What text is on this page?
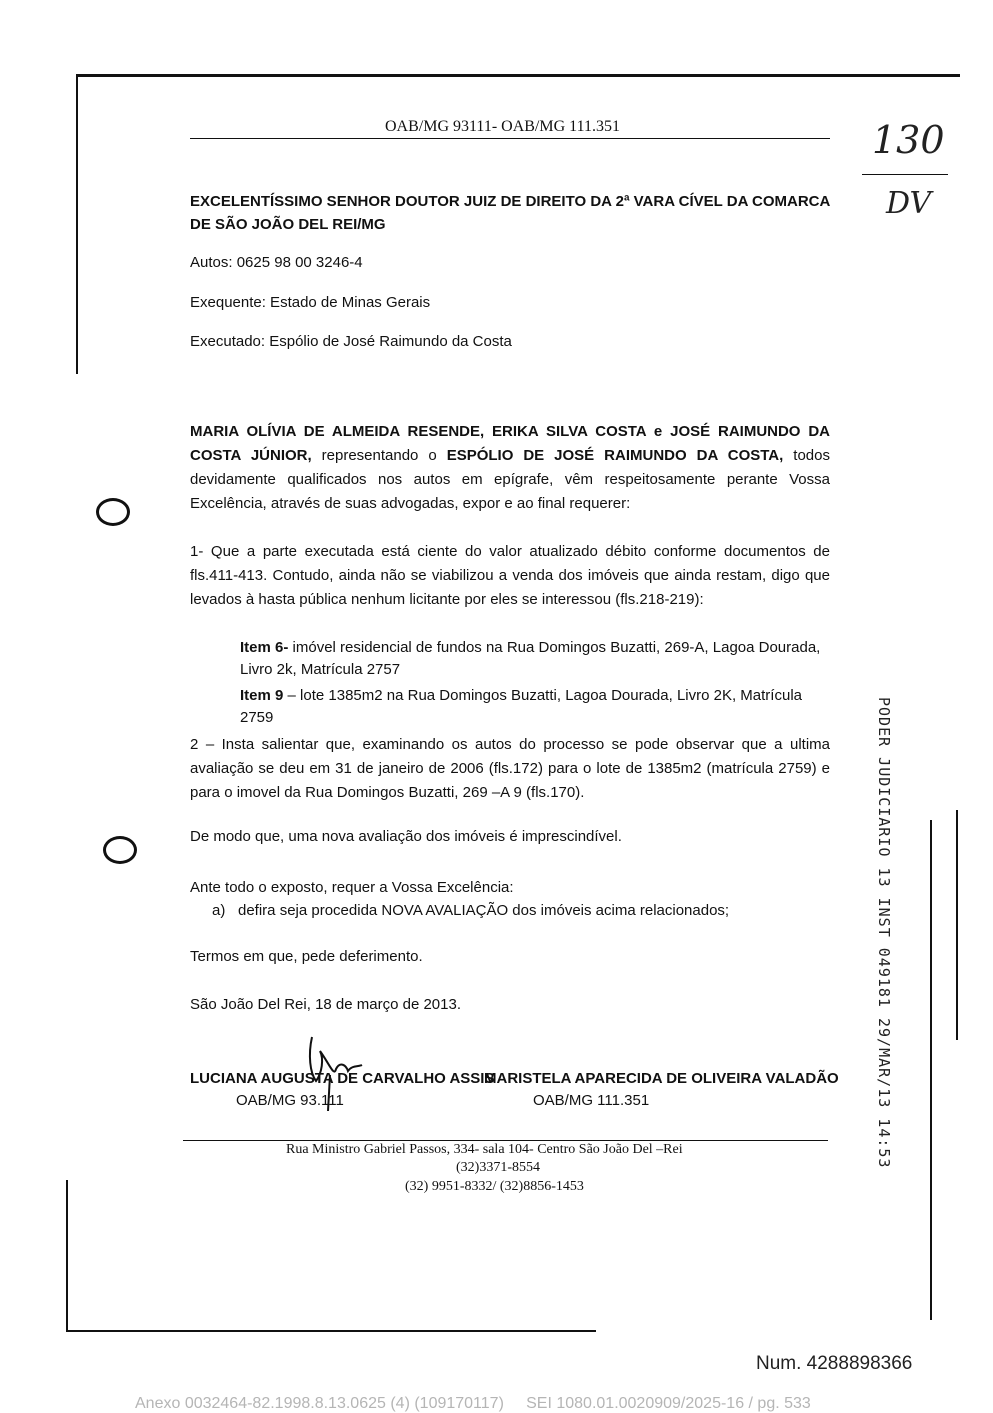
OAB/MG 93111- OAB/MG 111.351	130
DV
EXCELENTÍSSIMO SENHOR DOUTOR JUIZ DE DIREITO DA 2ª VARA CÍVEL DA COMARCA DE SÃO JOÃO DEL REI/MG
Autos: 0625 98 00 3246-4
Exequente: Estado de Minas Gerais
Executado: Espólio de José Raimundo da Costa
MARIA OLÍVIA DE ALMEIDA RESENDE, ERIKA SILVA COSTA e JOSÉ RAIMUNDO DA COSTA JÚNIOR, representando o ESPÓLIO DE JOSÉ RAIMUNDO DA COSTA, todos devidamente qualificados nos autos em epígrafe, vêm respeitosamente perante Vossa Excelência, através de suas advogadas, expor e ao final requerer:
1- Que a parte executada está ciente do valor atualizado débito conforme documentos de fls.411-413. Contudo, ainda não se viabilizou a venda dos imóveis que ainda restam, digo que levados à hasta pública nenhum licitante por eles se interessou (fls.218-219):
Item 6- imóvel residencial de fundos na Rua Domingos Buzatti, 269-A, Lagoa Dourada, Livro 2k, Matrícula 2757
Item 9 – lote 1385m2 na Rua Domingos Buzatti, Lagoa Dourada, Livro 2K, Matrícula 2759
2 – Insta salientar que, examinando os autos do processo se pode observar que a ultima avaliação se deu em 31 de janeiro de 2006 (fls.172) para o lote de 1385m2 (matrícula 2759) e para o imovel da Rua Domingos Buzatti, 269 –A 9 (fls.170).
De modo que, uma nova avaliação dos imóveis é imprescindível.
Ante todo o exposto, requer a Vossa Excelência:
a) defira seja procedida NOVA AVALIAÇÃO dos imóveis acima relacionados;
Termos em que, pede deferimento.
São João Del Rei, 18 de março de 2013.
LUCIANA AUGUSTA DE CARVALHO ASSIS
OAB/MG 93.111
MARISTELA APARECIDA DE OLIVEIRA VALADÃO
OAB/MG 111.351
Rua Ministro Gabriel Passos, 334- sala 104- Centro São João Del –Rei
(32)3371-8554
(32) 9951-8332/ (32)8856-1453
PODER JUDICIARIO 13 INST 049181 29/MAR/13 14:53
Num. 4288898366
Anexo 0032464-82.1998.8.13.0625 (4) (109170117)     SEI 1080.01.0020909/2025-16 / pg. 533
